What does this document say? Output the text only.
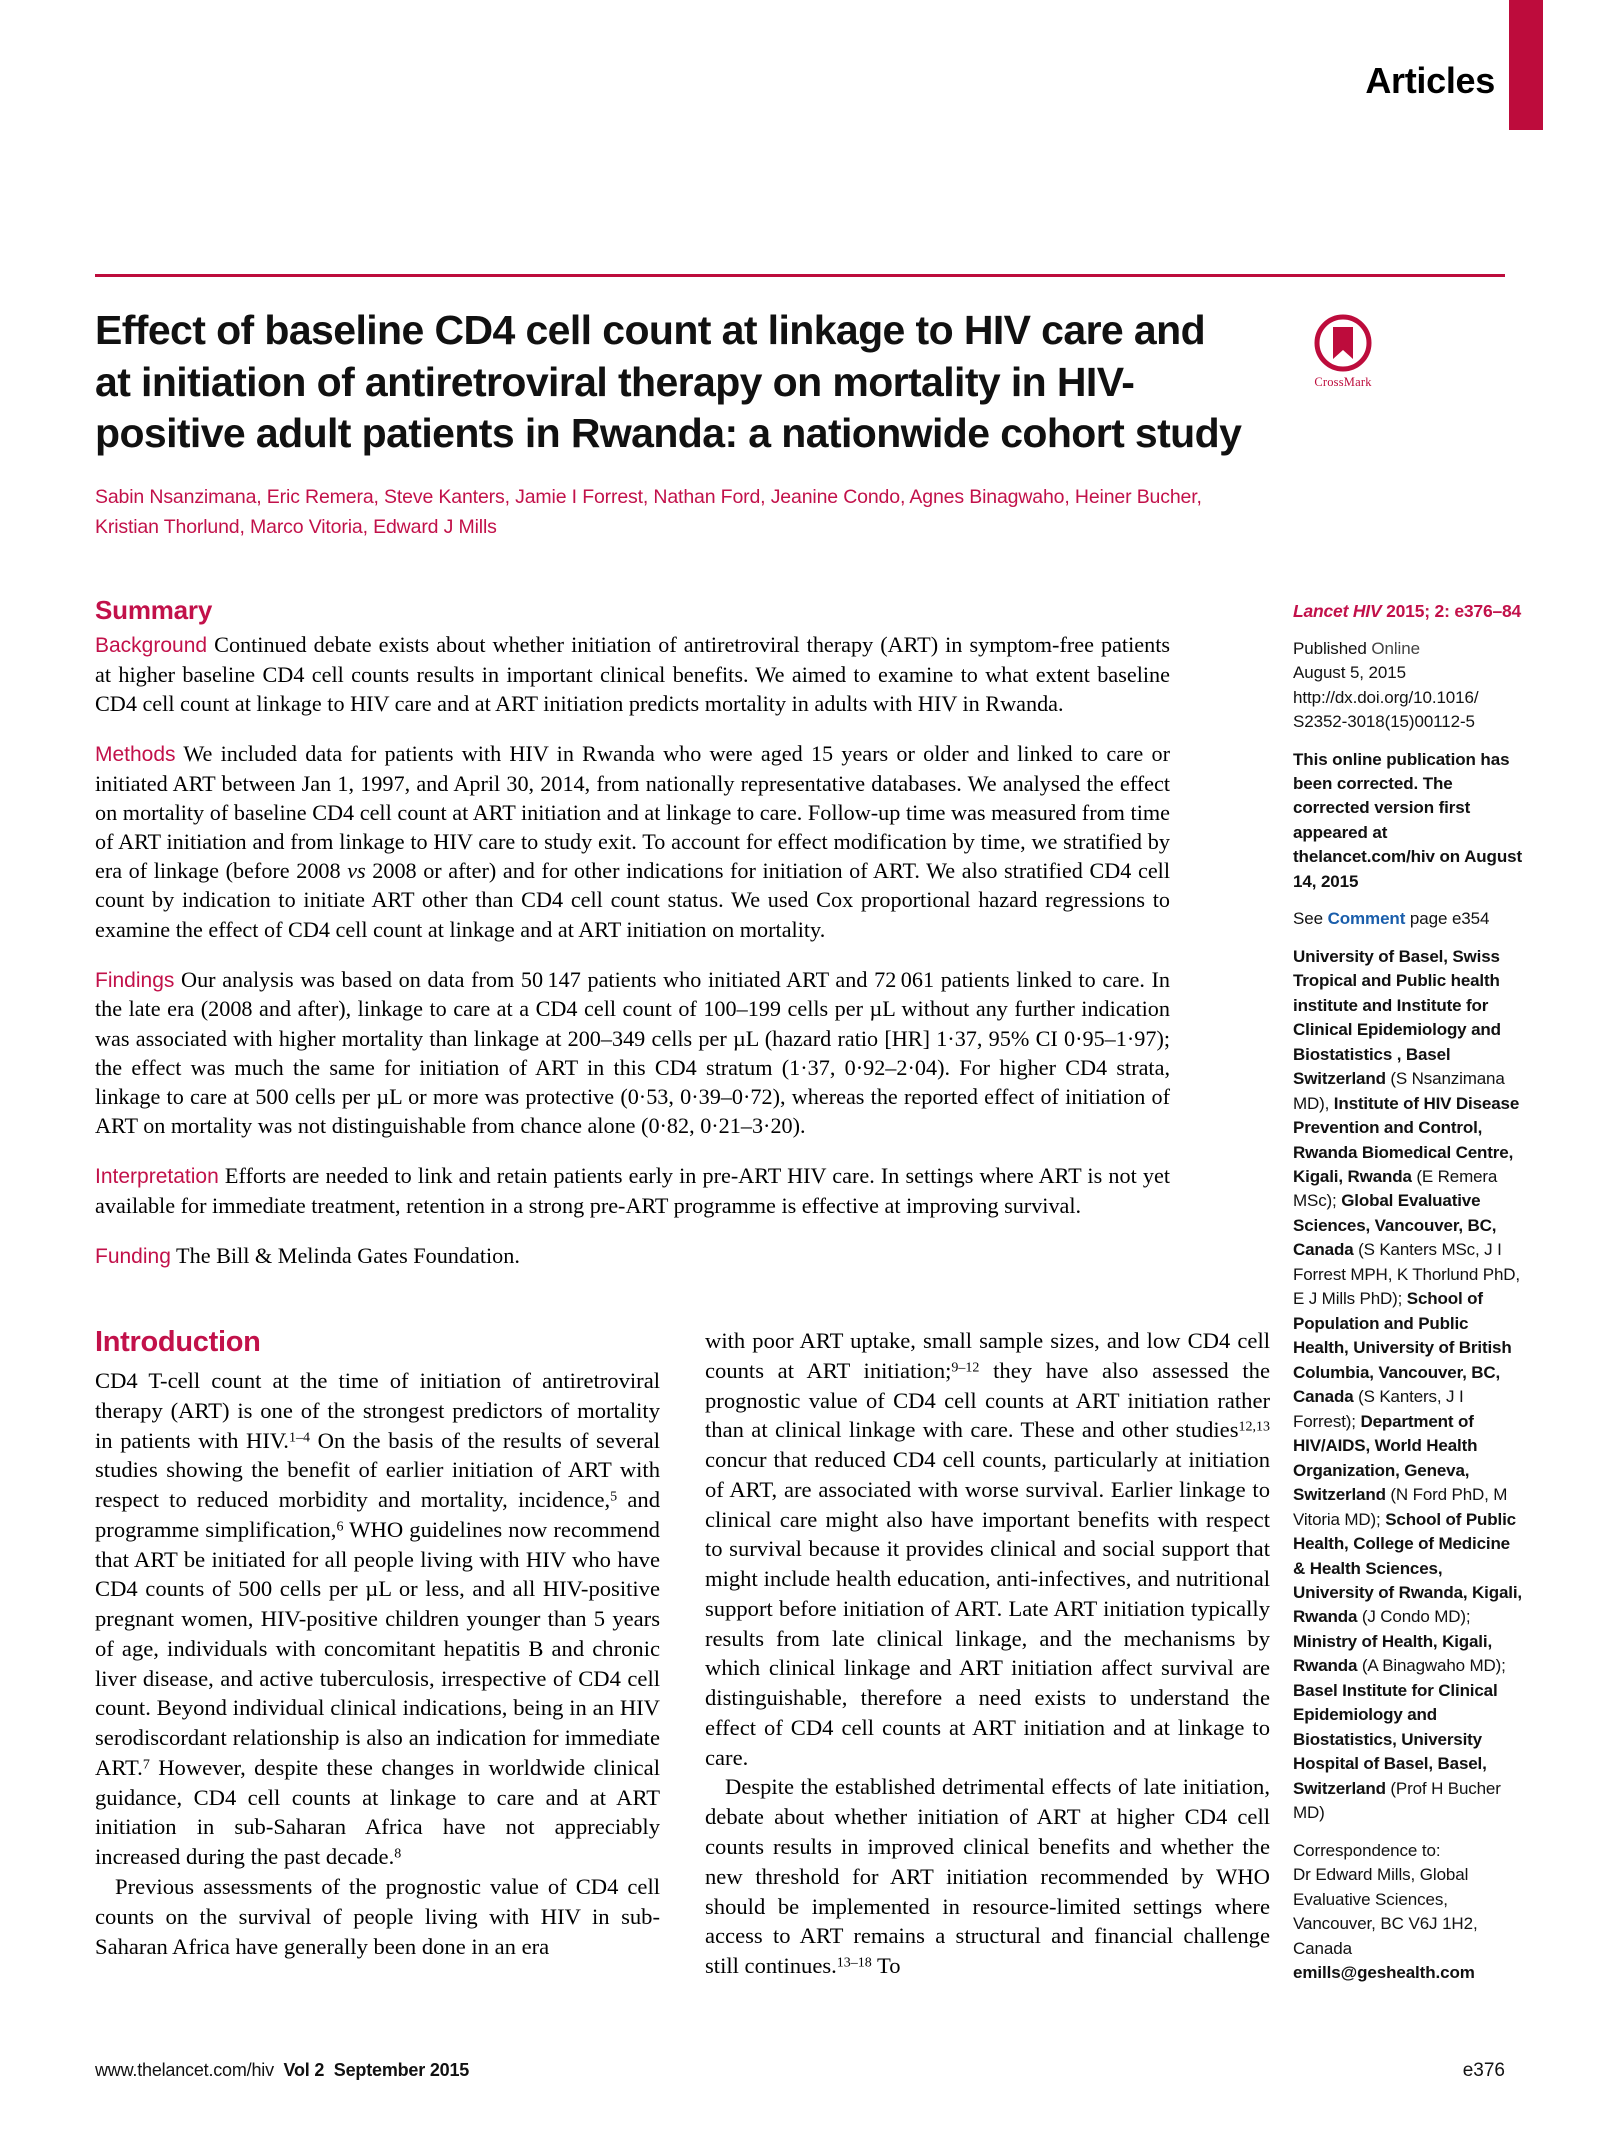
Articles
Effect of baseline CD4 cell count at linkage to HIV care and at initiation of antiretroviral therapy on mortality in HIV-positive adult patients in Rwanda: a nationwide cohort study
Sabin Nsanzimana, Eric Remera, Steve Kanters, Jamie I Forrest, Nathan Ford, Jeanine Condo, Agnes Binagwaho, Heiner Bucher, Kristian Thorlund, Marco Vitoria, Edward J Mills
CrossMark
Summary

Background Continued debate exists about whether initiation of antiretroviral therapy (ART) in symptom-free patients at higher baseline CD4 cell counts results in important clinical benefits. We aimed to examine to what extent baseline CD4 cell count at linkage to HIV care and at ART initiation predicts mortality in adults with HIV in Rwanda.

Methods We included data for patients with HIV in Rwanda who were aged 15 years or older and linked to care or initiated ART between Jan 1, 1997, and April 30, 2014, from nationally representative databases. We analysed the effect on mortality of baseline CD4 cell count at ART initiation and at linkage to care. Follow-up time was measured from time of ART initiation and from linkage to HIV care to study exit. To account for effect modification by time, we stratified by era of linkage (before 2008 vs 2008 or after) and for other indications for initiation of ART. We also stratified CD4 cell count by indication to initiate ART other than CD4 cell count status. We used Cox proportional hazard regressions to examine the effect of CD4 cell count at linkage and at ART initiation on mortality.

Findings Our analysis was based on data from 50 147 patients who initiated ART and 72 061 patients linked to care. In the late era (2008 and after), linkage to care at a CD4 cell count of 100–199 cells per µL without any further indication was associated with higher mortality than linkage at 200–349 cells per µL (hazard ratio [HR] 1·37, 95% CI 0·95–1·97); the effect was much the same for initiation of ART in this CD4 stratum (1·37, 0·92–2·04). For higher CD4 strata, linkage to care at 500 cells per µL or more was protective (0·53, 0·39–0·72), whereas the reported effect of initiation of ART on mortality was not distinguishable from chance alone (0·82, 0·21–3·20).

Interpretation Efforts are needed to link and retain patients early in pre-ART HIV care. In settings where ART is not yet available for immediate treatment, retention in a strong pre-ART programme is effective at improving survival.

Funding The Bill & Melinda Gates Foundation.

Lancet HIV 2015; 2: e376–84
Published Online
August 5, 2015
http://dx.doi.org/10.1016/
S2352-3018(15)00112-5
This online publication has been corrected. The corrected version first appeared at thelancet.com/hiv on August 14, 2015
See Comment page e354
University of Basel, Swiss Tropical and Public health institute and Institute for Clinical Epidemiology and Biostatistics , Basel Switzerland (S Nsanzimana MD), Institute of HIV Disease Prevention and Control, Rwanda Biomedical Centre, Kigali, Rwanda (E Remera MSc); Global Evaluative Sciences, Vancouver, BC, Canada (S Kanters MSc, J I Forrest MPH, K Thorlund PhD, E J Mills PhD); School of Population and Public Health, University of British Columbia, Vancouver, BC, Canada (S Kanters, J I Forrest); Department of HIV/AIDS, World Health Organization, Geneva, Switzerland (N Ford PhD, M Vitoria MD); School of Public Health, College of Medicine & Health Sciences, University of Rwanda, Kigali, Rwanda (J Condo MD); Ministry of Health, Kigali, Rwanda (A Binagwaho MD); Basel Institute for Clinical Epidemiology and Biostatistics, University Hospital of Basel, Basel, Switzerland (Prof H Bucher MD)
Correspondence to:
Dr Edward Mills, Global Evaluative Sciences, Vancouver, BC V6J 1H2, Canada
emills@geshealth.com
Introduction

CD4 T-cell count at the time of initiation of antiretroviral therapy (ART) is one of the strongest predictors of mortality in patients with HIV.$^{1-4}$ On the basis of the results of several studies showing the benefit of earlier initiation of ART with respect to reduced morbidity and mortality, incidence,$^5$ and programme simplification,$^6$ WHO guidelines now recommend that ART be initiated for all people living with HIV who have CD4 counts of 500 cells per µL or less, and all HIV-positive pregnant women, HIV-positive children younger than 5 years of age, individuals with concomitant hepatitis B and chronic liver disease, and active tuberculosis, irrespective of CD4 cell count. Beyond individual clinical indications, being in an HIV serodiscordant relationship is also an indication for immediate ART.$^7$ However, despite these changes in worldwide clinical guidance, CD4 cell counts at linkage to care and at ART initiation in sub-Saharan Africa have not appreciably increased during the past decade.$^8$

Previous assessments of the prognostic value of CD4 cell counts on the survival of people living with HIV in sub-Saharan Africa have generally been done in an era

with poor ART uptake, small sample sizes, and low CD4 cell counts at ART initiation;$^{9-12}$ they have also assessed the prognostic value of CD4 cell counts at ART initiation rather than at clinical linkage with care. These and other studies$^{12,13}$ concur that reduced CD4 cell counts, particularly at initiation of ART, are associated with worse survival. Earlier linkage to clinical care might also have important benefits with respect to survival because it provides clinical and social support that might include health education, anti-infectives, and nutritional support before initiation of ART. Late ART initiation typically results from late clinical linkage, and the mechanisms by which clinical linkage and ART initiation affect survival are distinguishable, therefore a need exists to understand the effect of CD4 cell counts at ART initiation and at linkage to care.

Despite the established detrimental effects of late initiation, debate about whether initiation of ART at higher CD4 cell counts results in improved clinical benefits and whether the new threshold for ART initiation recommended by WHO should be implemented in resource-limited settings where access to ART remains a structural and financial challenge still continues.$^{13-18}$ To

www.thelancet.com/hiv Vol 2 September 2015	e376
